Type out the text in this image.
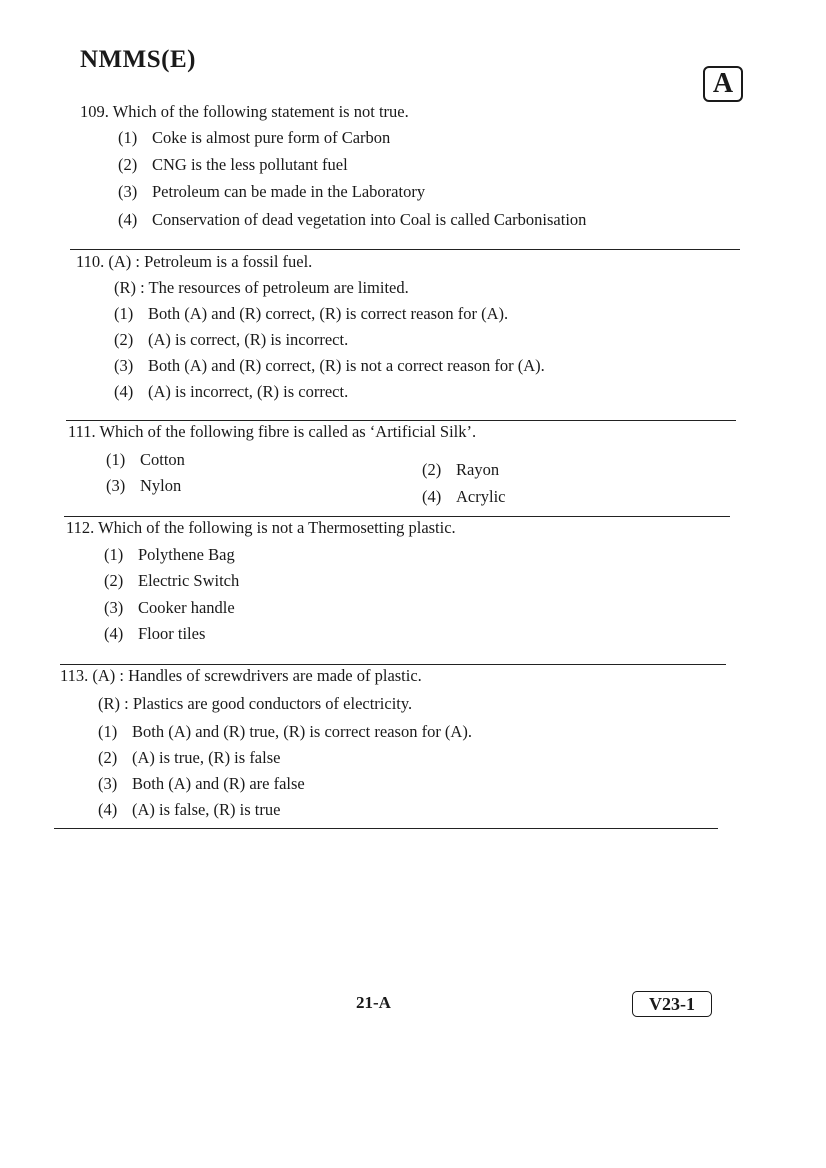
NMMS(E)
A
109. Which of the following statement is not true.
(1) Coke is almost pure form of Carbon
(2) CNG is the less pollutant fuel
(3) Petroleum can be made in the Laboratory
(4) Conservation of dead vegetation into Coal is called Carbonisation
110. (A) : Petroleum is a fossil fuel.
(R) : The resources of petroleum are limited.
(1) Both (A) and (R) correct, (R) is correct reason for (A).
(2) (A) is correct, (R) is incorrect.
(3) Both (A) and (R) correct, (R) is not a correct reason for (A).
(4) (A) is incorrect, (R) is correct.
111. Which of the following fibre is called as ‘Artificial Silk’.
(1) Cotton
(2) Rayon
(3) Nylon
(4) Acrylic
112. Which of the following is not a Thermosetting plastic.
(1) Polythene Bag
(2) Electric Switch
(3) Cooker handle
(4) Floor tiles
113. (A) : Handles of screwdrivers are made of plastic.
(R) : Plastics are good conductors of electricity.
(1) Both (A) and (R) true, (R) is correct reason for (A).
(2) (A) is true, (R) is false
(3) Both (A) and (R) are false
(4) (A) is false, (R) is true
21-A	V23-1
